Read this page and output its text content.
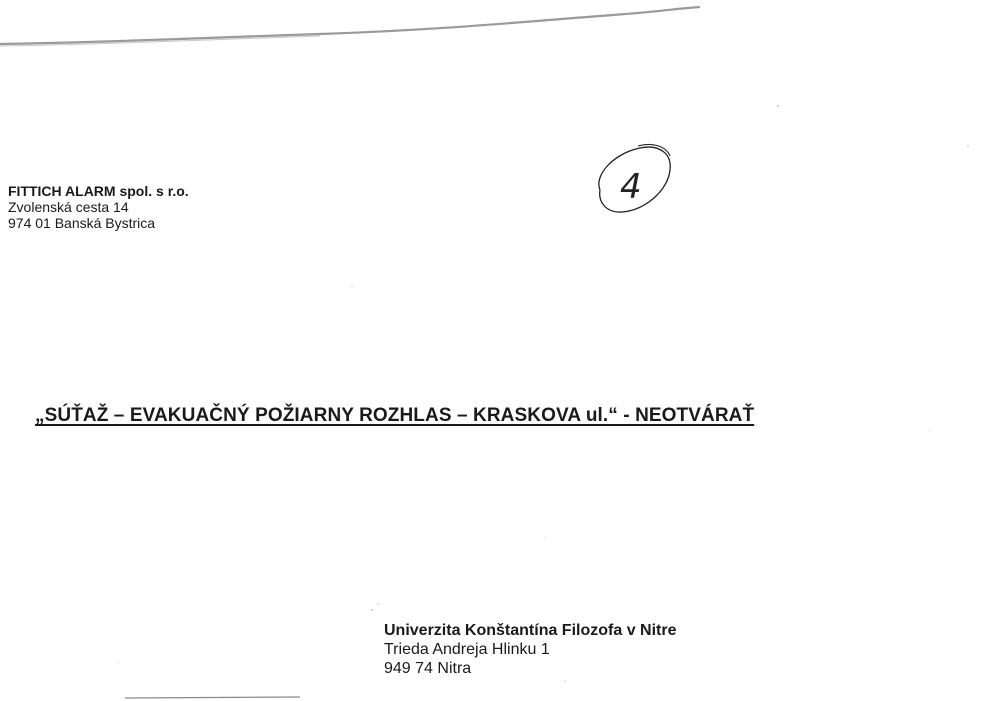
FITTICH ALARM spol. s r.o.
Zvolenská cesta 14
974 01 Banská Bystrica
4
„SÚŤAŽ – EVAKUAČNÝ POŽIARNY ROZHLAS – KRASKOVA ul.“ - NEOTVÁRAŤ
Univerzita Konštantína Filozofa v Nitre
Trieda Andreja Hlinku 1
949 74 Nitra
